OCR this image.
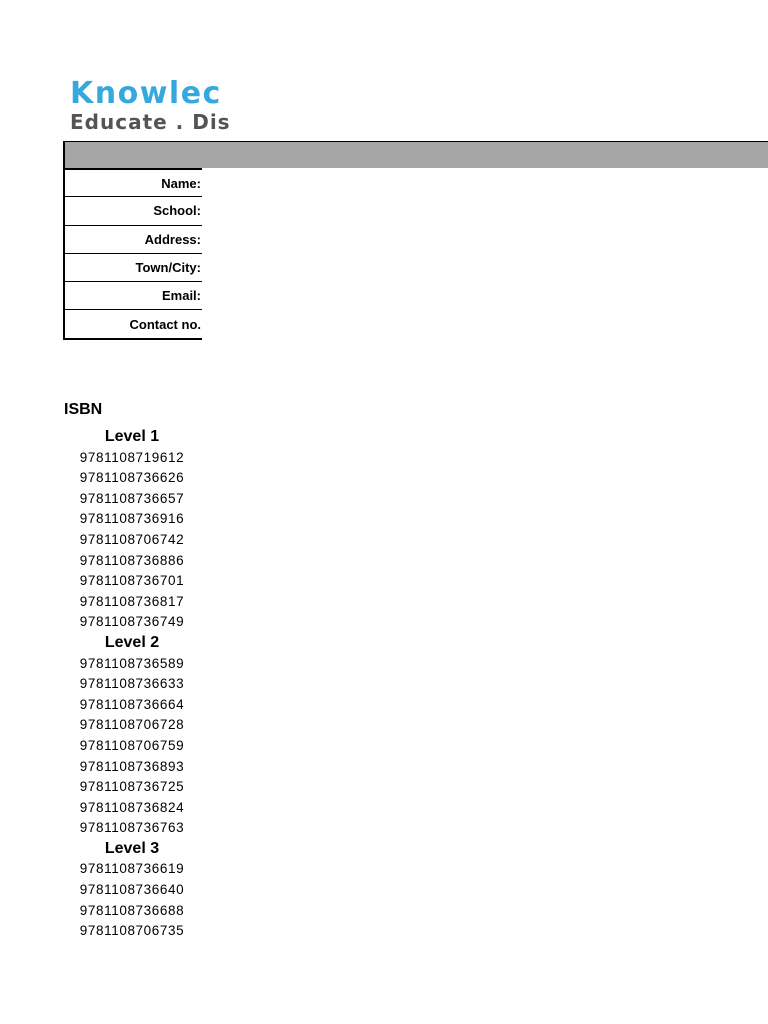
Knowlec
Educate . Dis
Name:
School:
Address:
Town/City:
Email:
Contact no.
ISBN
Level 1
9781108719612
9781108736626
9781108736657
9781108736916
9781108706742
9781108736886
9781108736701
9781108736817
9781108736749
Level 2
9781108736589
9781108736633
9781108736664
9781108706728
9781108706759
9781108736893
9781108736725
9781108736824
9781108736763
Level 3
9781108736619
9781108736640
9781108736688
9781108706735
